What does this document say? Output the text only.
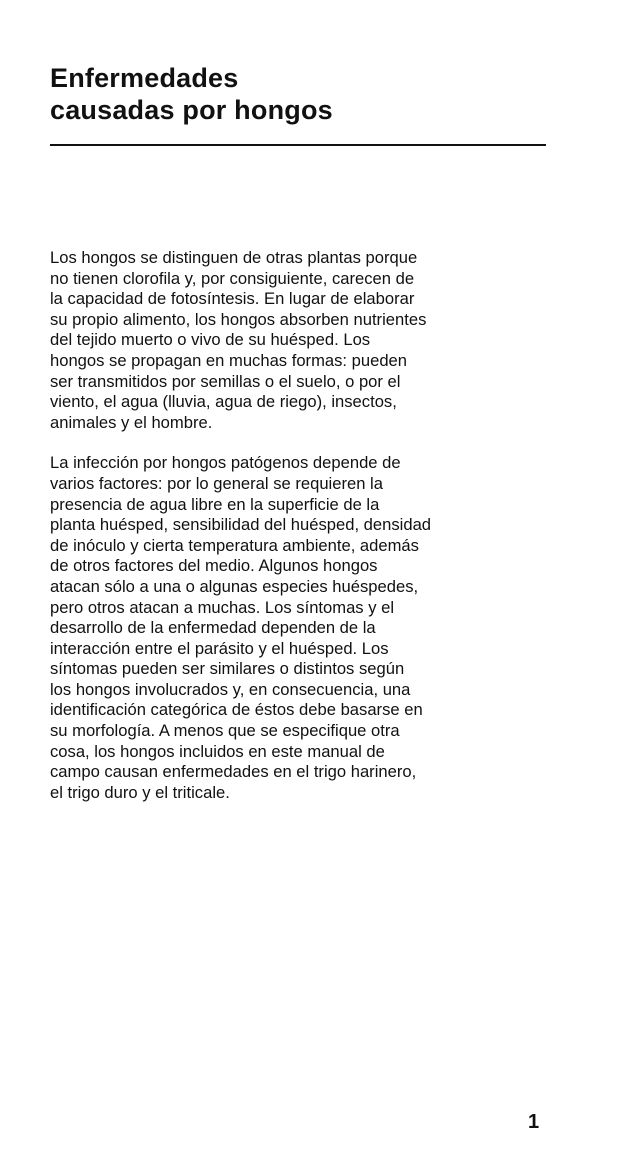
Enfermedades
causadas por hongos

Los hongos se distinguen de otras plantas porque
no tienen clorofila y, por consiguiente, carecen de
la capacidad de fotosíntesis. En lugar de elaborar
su propio alimento, los hongos absorben nutrientes
del tejido muerto o vivo de su huésped. Los
hongos se propagan en muchas formas: pueden
ser transmitidos por semillas o el suelo, o por el
viento, el agua (lluvia, agua de riego), insectos,
animales y el hombre.

La infección por hongos patógenos depende de
varios factores: por lo general se requieren la
presencia de agua libre en la superficie de la
planta huésped, sensibilidad del huésped, densidad
de inóculo y cierta temperatura ambiente, además
de otros factores del medio. Algunos hongos
atacan sólo a una o algunas especies huéspedes,
pero otros atacan a muchas. Los síntomas y el
desarrollo de la enfermedad dependen de la
interacción entre el parásito y el huésped. Los
síntomas pueden ser similares o distintos según
los hongos involucrados y, en consecuencia, una
identificación categórica de éstos debe basarse en
su morfología. A menos que se especifique otra
cosa, los hongos incluidos en este manual de
campo causan enfermedades en el trigo harinero,
el trigo duro y el triticale.

1
